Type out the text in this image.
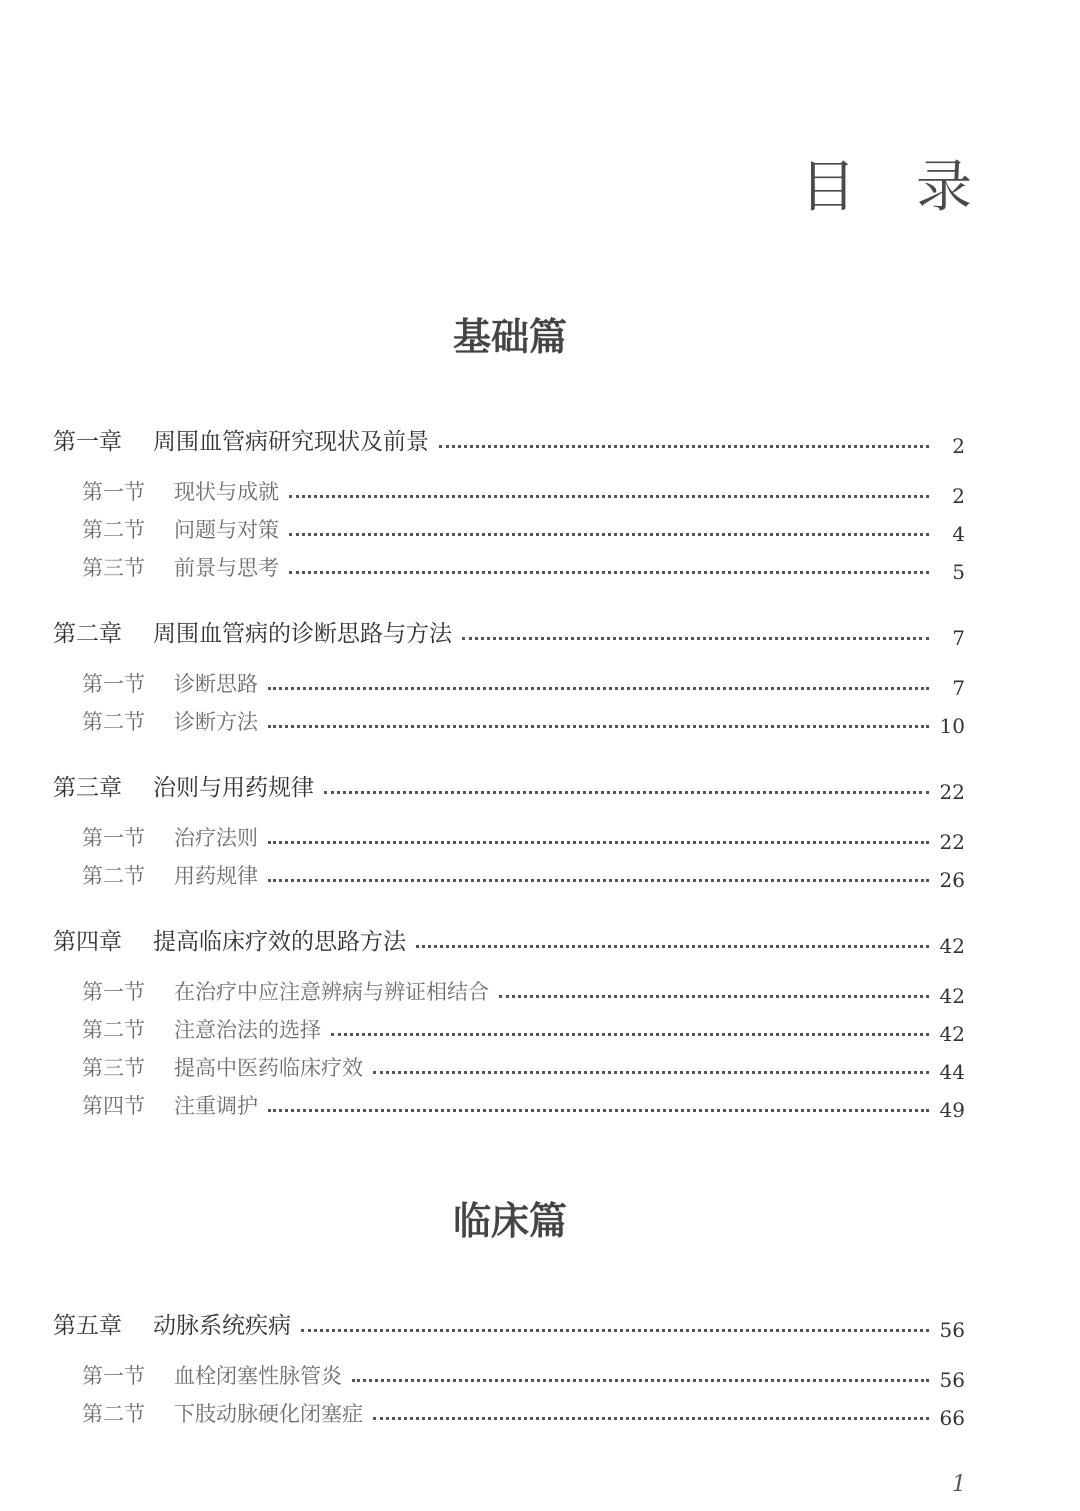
目 录
基础篇
第一章	周围血管病研究现状及前景	2
第一节	现状与成就	2
第二节	问题与对策	4
第三节	前景与思考	5
第二章	周围血管病的诊断思路与方法	7
第一节	诊断思路	7
第二节	诊断方法	10
第三章	治则与用药规律	22
第一节	治疗法则	22
第二节	用药规律	26
第四章	提高临床疗效的思路方法	42
第一节	在治疗中应注意辨病与辨证相结合	42
第二节	注意治法的选择	42
第三节	提高中医药临床疗效	44
第四节	注重调护	49
临床篇
第五章	动脉系统疾病	56
第一节	血栓闭塞性脉管炎	56
第二节	下肢动脉硬化闭塞症	66
1
